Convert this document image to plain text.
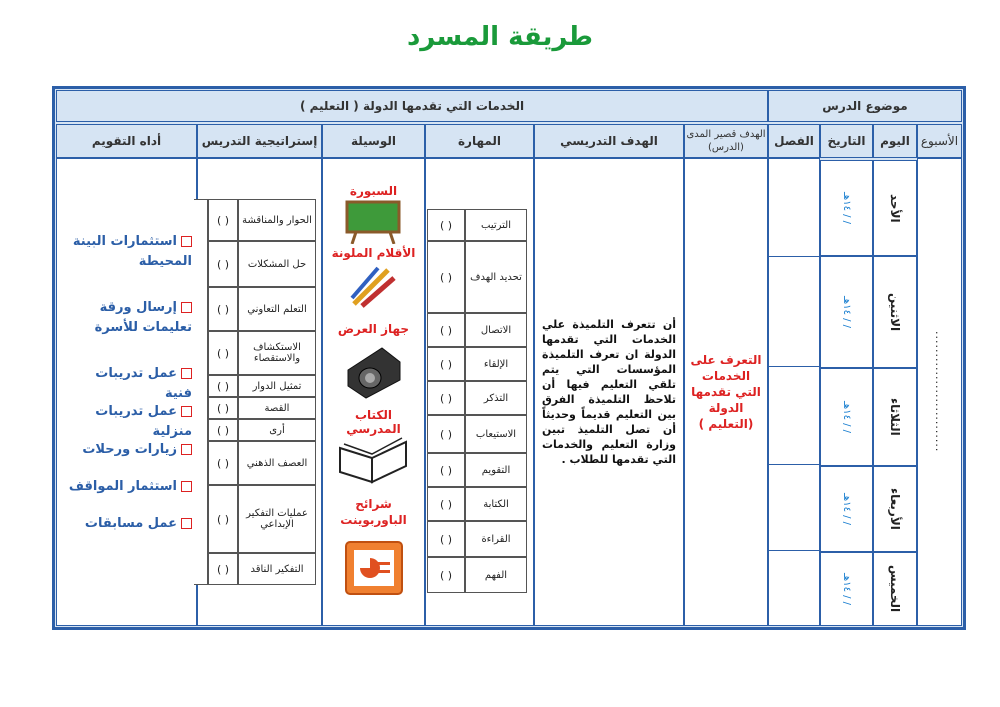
طريقة المسرد
موضوع الدرس
الخدمات التي تقدمها الدولة ( التعليم )
الأسبوع
اليوم
التاريخ
الفصل
الهدف قصير المدى (الدرس)
الهدف التدريسي
المهارة
الوسيلة
إستراتيجية التدريس
أداه التقويم
...........................
الأحد
الاثنين
الثلاثاء
الأربعاء
الخميس
/ / ١٤هـ
/ / ١٤هـ
/ / ١٤هـ
/ / ١٤هـ
/ / ١٤هـ
التعرف على الخدمات التي تقدمها الدولة (التعليم )
أن تتعرف التلميذة علي الخدمات التي تقدمها الدولة ان تعرف التلميذة المؤسسات التي يتم تلقي التعليم فيها أن تلاحظ التلميذة الفرق بين التعليم قديماً وحديثاً أن تصل التلميذ تبين وزارة التعليم والخدمات التي تقدمها للطلاب .
الترتيب
( )
تحديد الهدف
( )
الاتصال
( )
الإلقاء
( )
التذكر
( )
الاستيعاب
( )
التقويم
( )
الكتابة
( )
القراءة
( )
الفهم
( )
السبورة
الأقلام الملونة
جهاز العرض
الكتاب المدرسي
شرائح الباوربوينت
الحوار والمناقشة
( )
حل المشكلات
( )
التعلم التعاوني
( )
الاستكشاف والاستقصاء
( )
تمثيل الدوار
( )
القصة
( )
أرى
( )
العصف الذهني
( )
عمليات التفكير الإبداعي
( )
التفكير الناقد
( )
استثمارات البينة المحيطة
إرسال ورقة تعليمات للأسرة
عمل تدريبات فنية
عمل تدريبات منزلية
زيارات ورحلات
استثمار المواقف
عمل مسابقات
